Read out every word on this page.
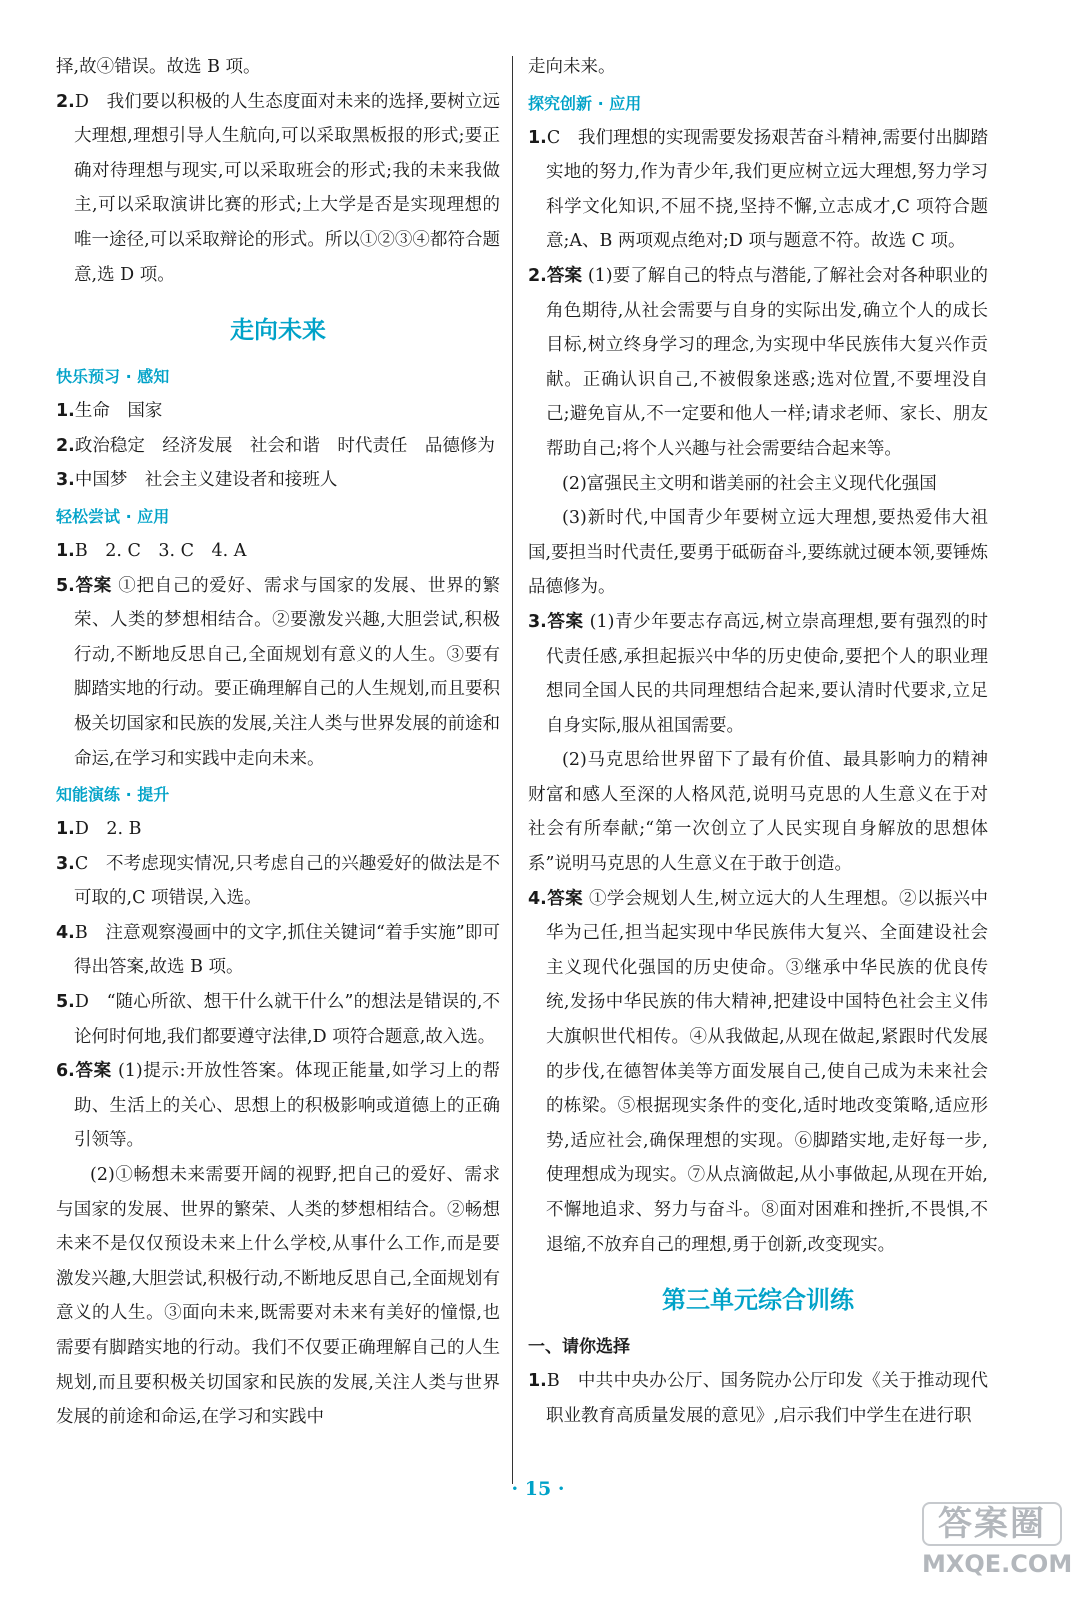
择,故④错误。故选 B 项。

2.D　我们要以积极的人生态度面对未来的选择,要树立远大理想,理想引导人生航向,可以采取黑板报的形式;要正确对待理想与现实,可以采取班会的形式;我的未来我做主,可以采取演讲比赛的形式;上大学是否是实现理想的唯一途径,可以采取辩论的形式。所以①②③④都符合题意,选 D 项。

走向未来
快乐预习 · 感知

1.生命　国家

2.政治稳定　经济发展　社会和谐　时代责任　品德修为

3.中国梦　社会主义建设者和接班人

轻松尝试 · 应用

1.B　2. C　3. C　4. A

5.答案 ①把自己的爱好、需求与国家的发展、世界的繁荣、人类的梦想相结合。②要激发兴趣,大胆尝试,积极行动,不断地反思自己,全面规划有意义的人生。③要有脚踏实地的行动。要正确理解自己的人生规划,而且要积极关切国家和民族的发展,关注人类与世界发展的前途和命运,在学习和实践中走向未来。

知能演练 · 提升

1.D　2. B

3.C　不考虑现实情况,只考虑自己的兴趣爱好的做法是不可取的,C 项错误,入选。

4.B　注意观察漫画中的文字,抓住关键词“着手实施”即可得出答案,故选 B 项。

5.D　“随心所欲、想干什么就干什么”的想法是错误的,不论何时何地,我们都要遵守法律,D 项符合题意,故入选。

6.答案 (1)提示:开放性答案。体现正能量,如学习上的帮助、生活上的关心、思想上的积极影响或道德上的正确引领等。

(2)①畅想未来需要开阔的视野,把自己的爱好、需求与国家的发展、世界的繁荣、人类的梦想相结合。②畅想未来不是仅仅预设未来上什么学校,从事什么工作,而是要激发兴趣,大胆尝试,积极行动,不断地反思自己,全面规划有意义的人生。③面向未来,既需要对未来有美好的憧憬,也需要有脚踏实地的行动。我们不仅要正确理解自己的人生规划,而且要积极关切国家和民族的发展,关注人类与世界发展的前途和命运,在学习和实践中

走向未来。

探究创新 · 应用

1.C　我们理想的实现需要发扬艰苦奋斗精神,需要付出脚踏实地的努力,作为青少年,我们更应树立远大理想,努力学习科学文化知识,不屈不挠,坚持不懈,立志成才,C 项符合题意;A、B 两项观点绝对;D 项与题意不符。故选 C 项。

2.答案 (1)要了解自己的特点与潜能,了解社会对各种职业的角色期待,从社会需要与自身的实际出发,确立个人的成长目标,树立终身学习的理念,为实现中华民族伟大复兴作贡献。正确认识自己,不被假象迷惑;选对位置,不要埋没自己;避免盲从,不一定要和他人一样;请求老师、家长、朋友帮助自己;将个人兴趣与社会需要结合起来等。

(2)富强民主文明和谐美丽的社会主义现代化强国

(3)新时代,中国青少年要树立远大理想,要热爱伟大祖国,要担当时代责任,要勇于砥砺奋斗,要练就过硬本领,要锤炼品德修为。

3.答案 (1)青少年要志存高远,树立崇高理想,要有强烈的时代责任感,承担起振兴中华的历史使命,要把个人的职业理想同全国人民的共同理想结合起来,要认清时代要求,立足自身实际,服从祖国需要。

(2)马克思给世界留下了最有价值、最具影响力的精神财富和感人至深的人格风范,说明马克思的人生意义在于对社会有所奉献;“第一次创立了人民实现自身解放的思想体系”说明马克思的人生意义在于敢于创造。

4.答案 ①学会规划人生,树立远大的人生理想。②以振兴中华为己任,担当起实现中华民族伟大复兴、全面建设社会主义现代化强国的历史使命。③继承中华民族的优良传统,发扬中华民族的伟大精神,把建设中国特色社会主义伟大旗帜世代相传。④从我做起,从现在做起,紧跟时代发展的步伐,在德智体美等方面发展自己,使自己成为未来社会的栋梁。⑤根据现实条件的变化,适时地改变策略,适应形势,适应社会,确保理想的实现。⑥脚踏实地,走好每一步,使理想成为现实。⑦从点滴做起,从小事做起,从现在开始,不懈地追求、努力与奋斗。⑧面对困难和挫折,不畏惧,不退缩,不放弃自己的理想,勇于创新,改变现实。

第三单元综合训练
一、请你选择

1.B　中共中央办公厅、国务院办公厅印发《关于推动现代职业教育高质量发展的意见》,启示我们中学生在进行职

· 15 ·
答案圈
MXQE.COM
